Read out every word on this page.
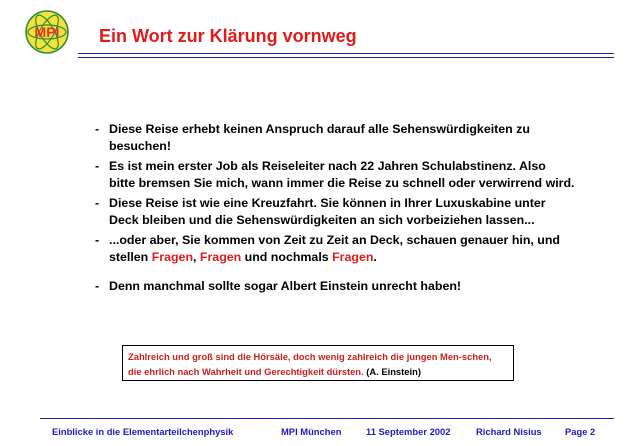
MPI Ein Wort zur Klärung vornweg
- Diese Reise erhebt keinen Anspruch darauf alle Sehenswürdigkeiten zu besuchen!
- Es ist mein erster Job als Reiseleiter nach 22 Jahren Schulabstinenz. Also bitte bremsen Sie mich, wann immer die Reise zu schnell oder verwirrend wird.
- Diese Reise ist wie eine Kreuzfahrt. Sie können in Ihrer Luxuskabine unter Deck bleiben und die Sehenswürdigkeiten an sich vorbeiziehen lassen...
- ...oder aber, Sie kommen von Zeit zu Zeit an Deck, schauen genauer hin, und stellen Fragen, Fragen und nochmals Fragen.
- Denn manchmal sollte sogar Albert Einstein unrecht haben!
Zahlreich und groß sind die Hörsäle, doch wenig zahlreich die jungen Men-schen, die ehrlich nach Wahrheit und Gerechtigkeit dürsten. (A. Einstein)
Einblicke in die Elementarteilchenphysik	MPI München	11 September 2002	Richard Nisius Page 2
